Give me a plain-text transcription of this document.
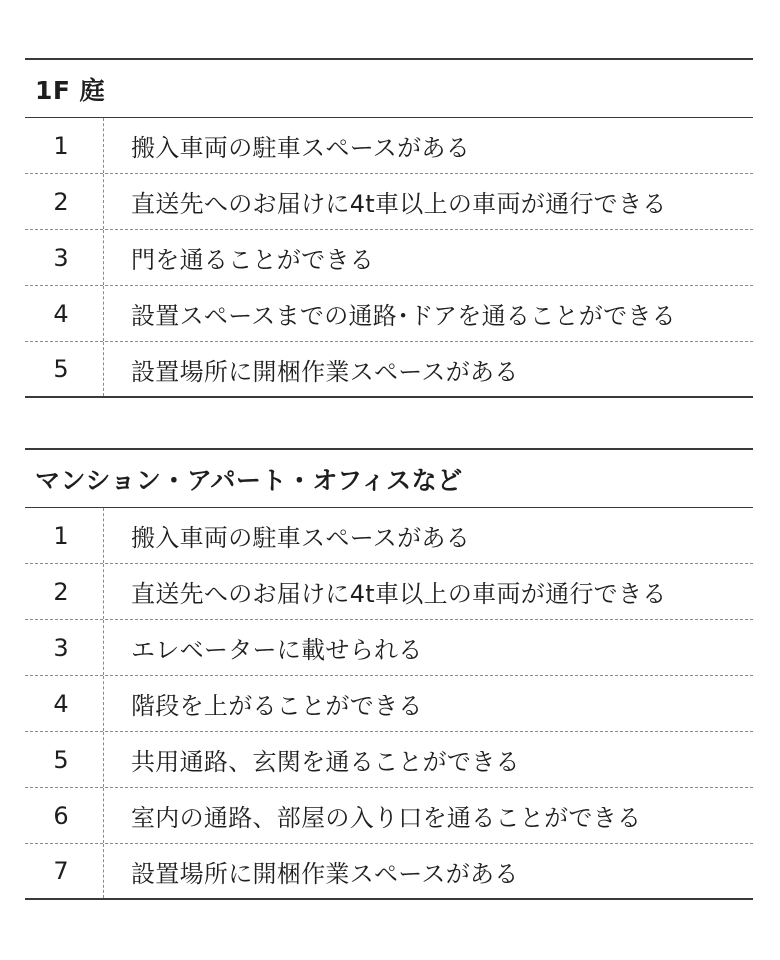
1F 庭
1	搬入車両の駐車スペースがある
2	直送先へのお届けに4t車以上の車両が通行できる
3	門を通ることができる
4	設置スペースまでの通路･ドアを通ることができる
5	設置場所に開梱作業スペースがある
マンション・アパート・オフィスなど
1	搬入車両の駐車スペースがある
2	直送先へのお届けに4t車以上の車両が通行できる
3	エレベーターに載せられる
4	階段を上がることができる
5	共用通路、玄関を通ることができる
6	室内の通路、部屋の入り口を通ることができる
7	設置場所に開梱作業スペースがある
